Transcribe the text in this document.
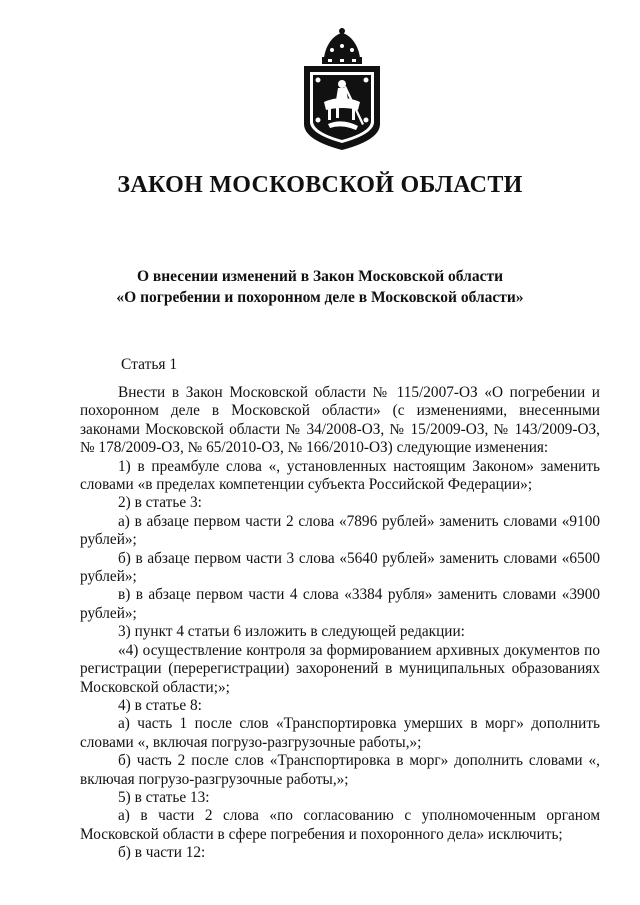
ЗАКОН МОСКОВСКОЙ ОБЛАСТИ
О внесении изменений в Закон Московской области
«О погребении и похоронном деле в Московской области»
Статья 1
Внести в Закон Московской области № 115/2007-ОЗ «О погребении и похоронном деле в Московской области» (с изменениями, внесенными законами Московской области № 34/2008-ОЗ, № 15/2009-ОЗ, № 143/2009-ОЗ, № 178/2009-ОЗ, № 65/2010-ОЗ, № 166/2010-ОЗ) следующие изменения:
1) в преамбуле слова «, установленных настоящим Законом» заменить словами «в пределах компетенции субъекта Российской Федерации»;
2) в статье 3:
а) в абзаце первом части 2 слова «7896 рублей» заменить словами «9100 рублей»;
б) в абзаце первом части 3 слова «5640 рублей» заменить словами «6500 рублей»;
в) в абзаце первом части 4 слова «3384 рубля» заменить словами «3900 рублей»;
3) пункт 4 статьи 6 изложить в следующей редакции:
«4) осуществление контроля за формированием архивных документов по регистрации (перерегистрации) захоронений в муниципальных образованиях Московской области;»;
4) в статье 8:
а) часть 1 после слов «Транспортировка умерших в морг» дополнить словами «, включая погрузо-разгрузочные работы,»;
б) часть 2 после слов «Транспортировка в морг» дополнить словами «, включая погрузо-разгрузочные работы,»;
5) в статье 13:
а) в части 2 слова «по согласованию с уполномоченным органом Московской области в сфере погребения и похоронного дела» исключить;
б) в части 12:
